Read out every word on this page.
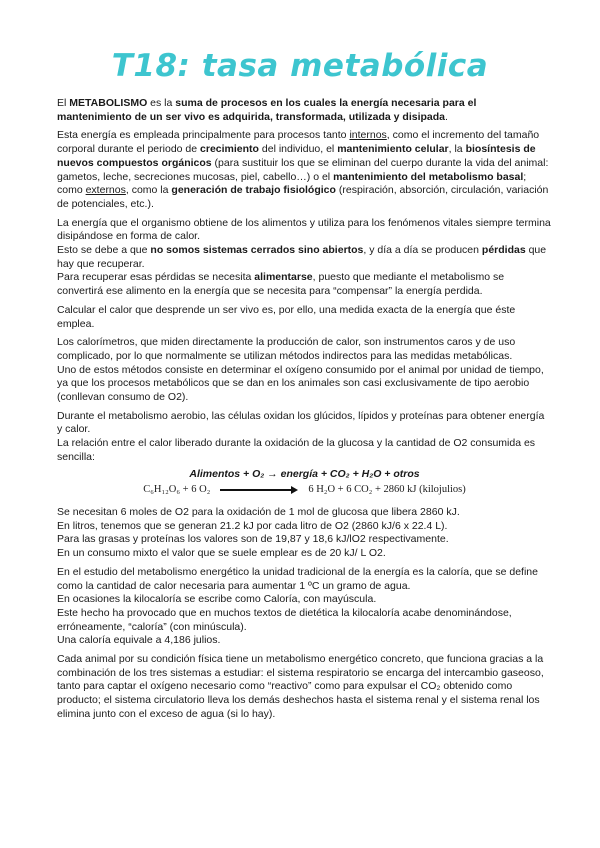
T18: tasa metabólica

El METABOLISMO es la suma de procesos en los cuales la energía necesaria para el mantenimiento de un ser vivo es adquirida, transformada, utilizada y disipada.

Esta energía es empleada principalmente para procesos tanto internos, como el incremento del tamaño corporal durante el periodo de crecimiento del individuo, el mantenimiento celular, la biosíntesis de nuevos compuestos orgánicos (para sustituir los que se eliminan del cuerpo durante la vida del animal: gametos, leche, secreciones mucosas, piel, cabello…) o el mantenimiento del metabolismo basal; como externos, como la generación de trabajo fisiológico (respiración, absorción, circulación, variación de potenciales, etc.).

La energía que el organismo obtiene de los alimentos y utiliza para los fenómenos vitales siempre termina disipándose en forma de calor.
Esto se debe a que no somos sistemas cerrados sino abiertos, y día a día se producen pérdidas que hay que recuperar.
Para recuperar esas pérdidas se necesita alimentarse, puesto que mediante el metabolismo se convertirá ese alimento en la energía que se necesita para “compensar” la energía perdida.

Calcular el calor que desprende un ser vivo es, por ello, una medida exacta de la energía que éste emplea.

Los calorímetros, que miden directamente la producción de calor, son instrumentos caros y de uso complicado, por lo que normalmente se utilizan métodos indirectos para las medidas metabólicas.
Uno de estos métodos consiste en determinar el oxígeno consumido por el animal por unidad de tiempo, ya que los procesos metabólicos que se dan en los animales son casi exclusivamente de tipo aerobio (conllevan consumo de O2).

Durante el metabolismo aerobio, las células oxidan los glúcidos, lípidos y proteínas para obtener energía y calor.
La relación entre el calor liberado durante la oxidación de la glucosa y la cantidad de O2 consumida es sencilla:

Alimentos + O₂ → energía + CO₂ + H₂O + otros
C₆H₁₂O₆ + 6 O₂	6 H₂O + 6 CO₂ + 2860 kJ (kilojulios)

Se necesitan 6 moles de O2 para la oxidación de 1 mol de glucosa que libera 2860 kJ.
En litros, tenemos que se generan 21.2 kJ por cada litro de O2 (2860 kJ/6 x 22.4 L).
Para las grasas y proteínas los valores son de 19,87 y 18,6 kJ/lO2 respectivamente.
En un consumo mixto el valor que se suele emplear es de 20 kJ/ L O2.

En el estudio del metabolismo energético la unidad tradicional de la energía es la caloría, que se define como la cantidad de calor necesaria para aumentar 1 ºC un gramo de agua.
En ocasiones la kilocaloría se escribe como Caloría, con mayúscula.
Este hecho ha provocado que en muchos textos de dietética la kilocaloría acabe denominándose, erróneamente, “caloría” (con minúscula).
Una caloría equivale a 4,186 julios.

Cada animal por su condición física tiene un metabolismo energético concreto, que funciona gracias a la combinación de los tres sistemas a estudiar: el sistema respiratorio se encarga del intercambio gaseoso, tanto para captar el oxígeno necesario como “reactivo” como para expulsar el CO₂ obtenido como producto; el sistema circulatorio lleva los demás deshechos hasta el sistema renal y el sistema renal los elimina junto con el exceso de agua (si lo hay).
